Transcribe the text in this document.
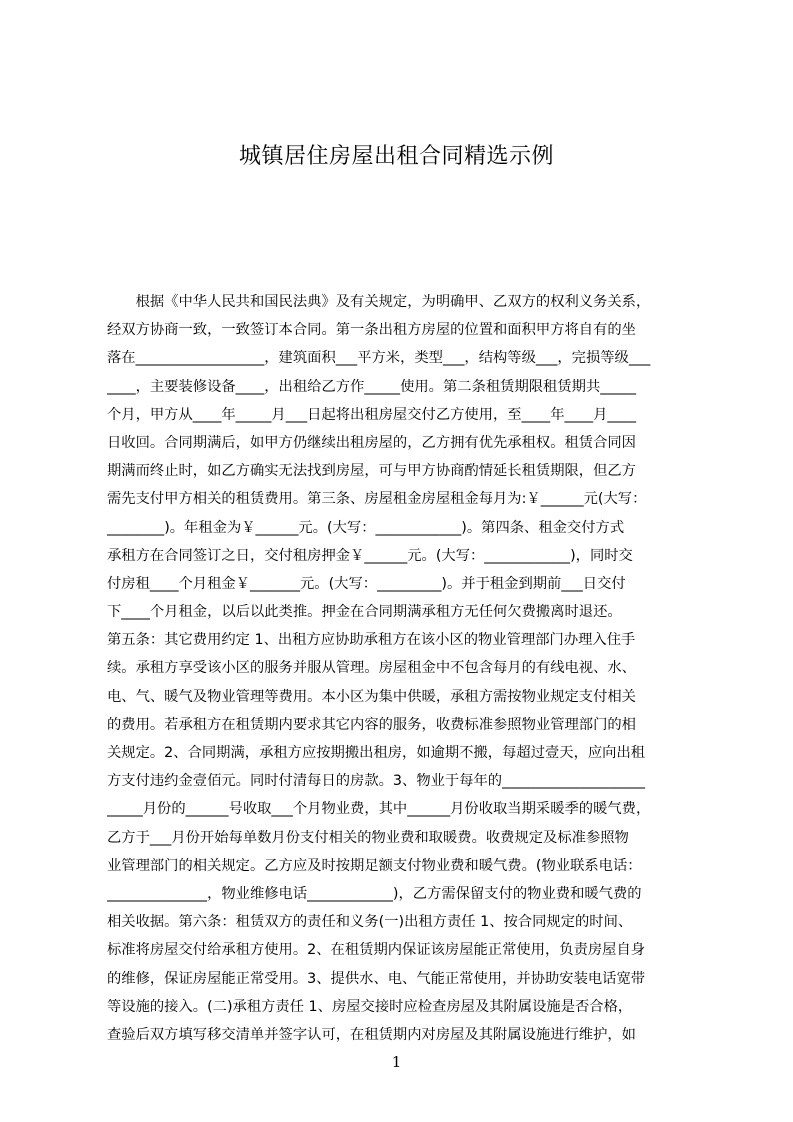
城镇居住房屋出租合同精选示例
　　根据《中华人民共和国民法典》及有关规定，为明确甲、乙双方的权利义务关系，
经双方协商一致，一致签订本合同。第一条出租方房屋的位置和面积甲方将自有的坐
落在__________________，建筑面积___平方米，类型___，结构等级___，完损等级___
____，主要装修设备____，出租给乙方作_____使用。第二条租赁期限租赁期共_____
个月，甲方从____年_____月___日起将出租房屋交付乙方使用，至____年____月____
日收回。合同期满后，如甲方仍继续出租房屋的，乙方拥有优先承租权。租赁合同因
期满而终止时，如乙方确实无法找到房屋，可与甲方协商酌情延长租赁期限，但乙方
需先支付甲方相关的租赁费用。第三条、房屋租金房屋租金每月为:￥______元(大写：
________)。年租金为￥______元。(大写：____________)。第四条、租金交付方式
承租方在合同签订之日，交付租房押金￥______元。(大写：____________)，同时交
付房租____个月租金￥_______元。(大写：_________)。并于租金到期前___日交付
下____个月租金，以后以此类推。押金在合同期满承租方无任何欠费搬离时退还。
第五条：其它费用约定 1、出租方应协助承租方在该小区的物业管理部门办理入住手
续。承租方享受该小区的服务并服从管理。房屋租金中不包含每月的有线电视、水、
电、气、暖气及物业管理等费用。本小区为集中供暖，承租方需按物业规定支付相关
的费用。若承租方在租赁期内要求其它内容的服务，收费标准参照物业管理部门的相
关规定。2、合同期满，承租方应按期搬出租房，如逾期不搬，每超过壹天，应向出租
方支付违约金壹佰元。同时付清每日的房款。3、物业于每年的____________________
_____月份的______号收取___个月物业费，其中______月份收取当期采暖季的暖气费，
乙方于___月份开始每单数月份支付相关的物业费和取暖费。收费规定及标准参照物
业管理部门的相关规定。乙方应及时按期足额支付物业费和暖气费。(物业联系电话：
______________，物业维修电话____________)，乙方需保留支付的物业费和暖气费的
相关收据。第六条：租赁双方的责任和义务(一)出租方责任 1、按合同规定的时间、
标准将房屋交付给承租方使用。2、在租赁期内保证该房屋能正常使用，负责房屋自身
的维修，保证房屋能正常受用。3、提供水、电、气能正常使用，并协助安装电话宽带
等设施的接入。(二)承租方责任 1、房屋交接时应检查房屋及其附属设施是否合格，
查验后双方填写移交清单并签字认可，在租赁期内对房屋及其附属设施进行维护，如

1
